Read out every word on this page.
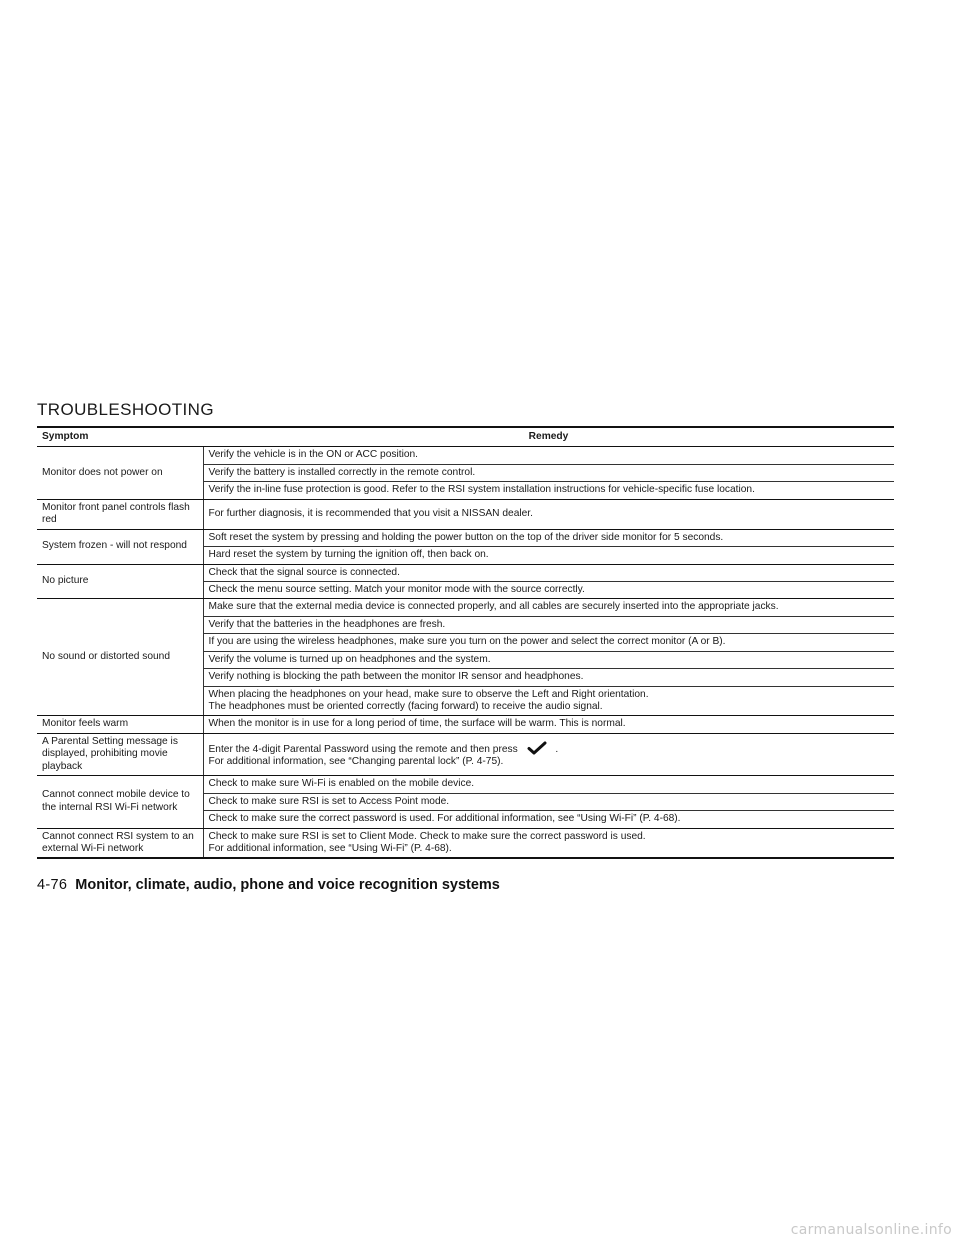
TROUBLESHOOTING
Symptom	Remedy
Monitor does not power on	Verify the vehicle is in the ON or ACC position.
	Verify the battery is installed correctly in the remote control.
	Verify the in-line fuse protection is good. Refer to the RSI system installation instructions for vehicle-specific fuse location.
Monitor front panel controls flash red	For further diagnosis, it is recommended that you visit a NISSAN dealer.
System frozen - will not respond	Soft reset the system by pressing and holding the power button on the top of the driver side monitor for 5 seconds.
	Hard reset the system by turning the ignition off, then back on.
No picture	Check that the signal source is connected.
	Check the menu source setting. Match your monitor mode with the source correctly.
No sound or distorted sound	Make sure that the external media device is connected properly, and all cables are securely inserted into the appropriate jacks.
	Verify that the batteries in the headphones are fresh.
	If you are using the wireless headphones, make sure you turn on the power and select the correct monitor (A or B).
	Verify the volume is turned up on headphones and the system.
	Verify nothing is blocking the path between the monitor IR sensor and headphones.
	When placing the headphones on your head, make sure to observe the Left and Right orientation.
The headphones must be oriented correctly (facing forward) to receive the audio signal.
Monitor feels warm	When the monitor is in use for a long period of time, the surface will be warm. This is normal.
A Parental Setting message is displayed, prohibiting movie playback	Enter the 4-digit Parental Password using the remote and then press .
For additional information, see “Changing parental lock” (P. 4-75).
Cannot connect mobile device to the internal RSI Wi-Fi network	Check to make sure Wi-Fi is enabled on the mobile device.
	Check to make sure RSI is set to Access Point mode.
	Check to make sure the correct password is used. For additional information, see “Using Wi-Fi” (P. 4-68).
Cannot connect RSI system to an external Wi-Fi network	Check to make sure RSI is set to Client Mode. Check to make sure the correct password is used.
For additional information, see “Using Wi-Fi” (P. 4-68).
4-76 Monitor, climate, audio, phone and voice recognition systems
carmanualsonline.info
